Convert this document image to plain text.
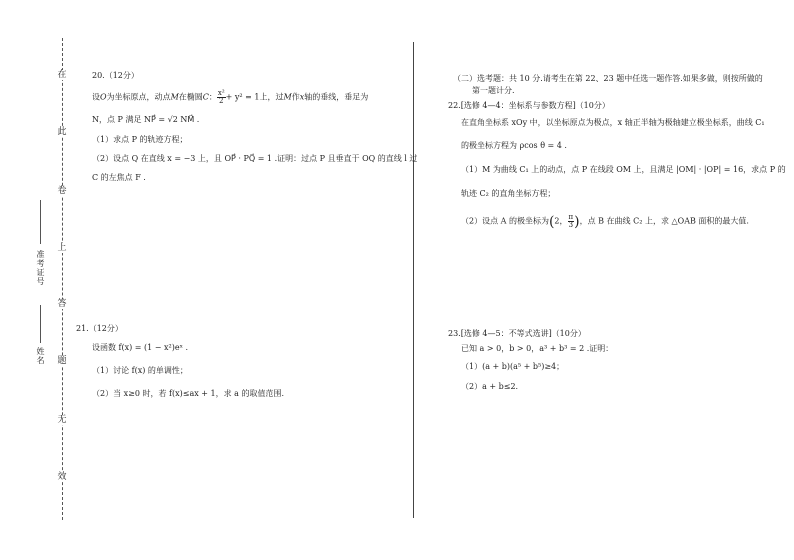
在
此
卷
上
答
题
无
效
准考证号
姓名
20.（12分）
设O为坐标原点，动点M在椭圆C： $\frac{\text{x²}}{2} + y^2 = 1$上，过M作x轴的垂线，垂足为
N，点 P 满足 NP⃗ = √2 NM⃗ .
（1）求点 P 的轨迹方程；
（2）设点 Q 在直线 x = −3 上，且 OP⃗ · PQ⃗ = 1 .证明：过点 P 且垂直于 OQ 的直线 l 过
C 的左焦点 F .
21.（12分）
设函数 f(x) = (1 − x²)eˣ .
（1）讨论 f(x) 的单调性；
（2）当 x≥0 时，若 f(x)≤ax + 1，求 a 的取值范围.
（二）选考题：共 10 分.请考生在第 22、23 题中任选一题作答.如果多做，则按所做的
第一题计分.
22.[选修 4—4：坐标系与参数方程]（10分）
在直角坐标系 xOy 中，以坐标原点为极点，x 轴正半轴为极轴建立极坐标系，曲线 C₁
的极坐标方程为 ρcos θ = 4 .
（1）M 为曲线 C₁ 上的动点，点 P 在线段 OM 上，且满足 |OM| · |OP| = 16，求点 P 的
轨迹 C₂ 的直角坐标方程；
（2）设点 A 的极坐标为(2， $\frac{\pi}{3}$ )，点 B 在曲线 C₂ 上，求 △OAB 面积的最大值.
23.[选修 4—5：不等式选讲]（10分）
已知 a > 0，b > 0，a³ + b³ = 2 .证明：
（1）(a + b)(a⁵ + b⁵)≥4；
（2）a + b≤2.
